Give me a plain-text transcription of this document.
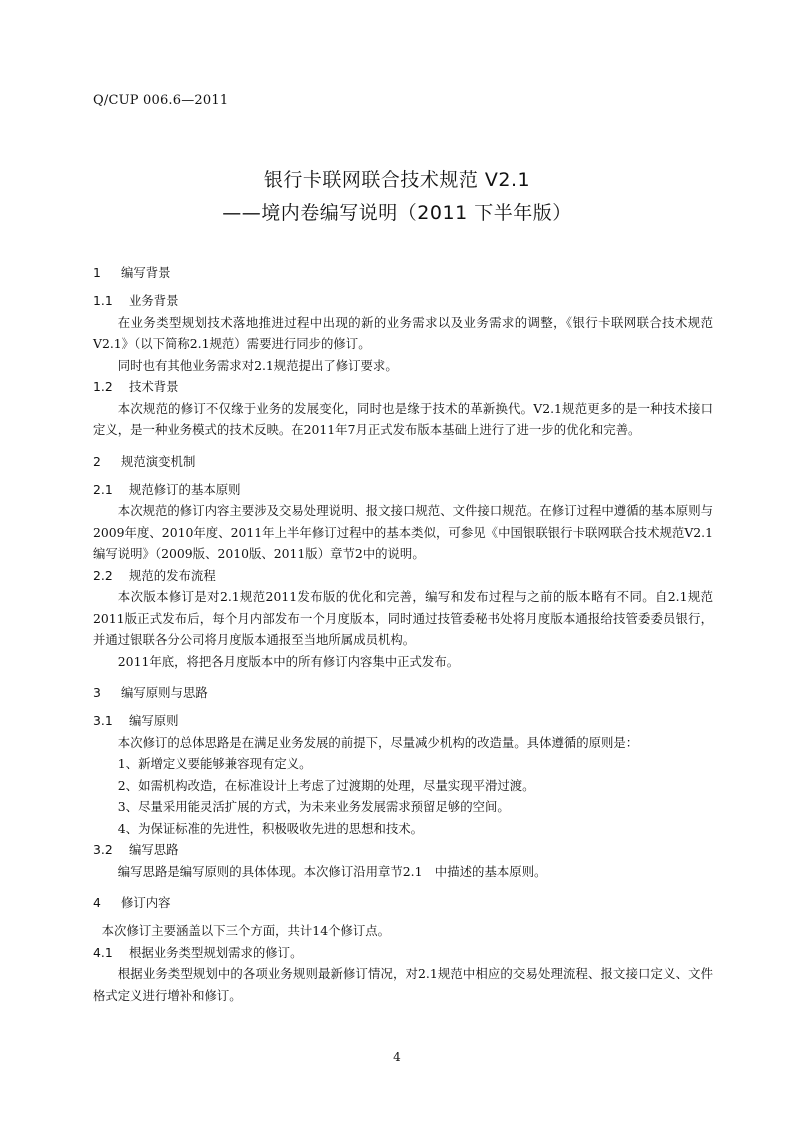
Q/CUP 006.6—2011
银行卡联网联合技术规范 V2.1
——境内卷编写说明（2011 下半年版）
1 编写背景
1.1 业务背景

在业务类型规划技术落地推进过程中出现的新的业务需求以及业务需求的调整，《银行卡联网联合技术规范V2.1》（以下简称2.1规范）需要进行同步的修订。

同时也有其他业务需求对2.1规范提出了修订要求。

1.2 技术背景

本次规范的修订不仅缘于业务的发展变化，同时也是缘于技术的革新换代。V2.1规范更多的是一种技术接口定义，是一种业务模式的技术反映。在2011年7月正式发布版本基础上进行了进一步的优化和完善。

2 规范演变机制
2.1 规范修订的基本原则

本次规范的修订内容主要涉及交易处理说明、报文接口规范、文件接口规范。在修订过程中遵循的基本原则与2009年度、2010年度、2011年上半年修订过程中的基本类似，可参见《中国银联银行卡联网联合技术规范V2.1编写说明》（2009版、2010版、2011版）章节2中的说明。

2.2 规范的发布流程

本次版本修订是对2.1规范2011发布版的优化和完善，编写和发布过程与之前的版本略有不同。自2.1规范2011版正式发布后，每个月内部发布一个月度版本，同时通过技管委秘书处将月度版本通报给技管委委员银行，并通过银联各分公司将月度版本通报至当地所属成员机构。

2011年底，将把各月度版本中的所有修订内容集中正式发布。

3 编写原则与思路
3.1 编写原则

本次修订的总体思路是在满足业务发展的前提下，尽量减少机构的改造量。具体遵循的原则是：

1、新增定义要能够兼容现有定义。

2、如需机构改造，在标准设计上考虑了过渡期的处理，尽量实现平滑过渡。

3、尽量采用能灵活扩展的方式，为未来业务发展需求预留足够的空间。

4、为保证标准的先进性，积极吸收先进的思想和技术。

3.2 编写思路

编写思路是编写原则的具体体现。本次修订沿用章节2.1　中描述的基本原则。

4 修订内容

本次修订主要涵盖以下三个方面，共计14个修订点。

4.1 根据业务类型规划需求的修订。

根据业务类型规划中的各项业务规则最新修订情况，对2.1规范中相应的交易处理流程、报文接口定义、文件格式定义进行增补和修订。

4
